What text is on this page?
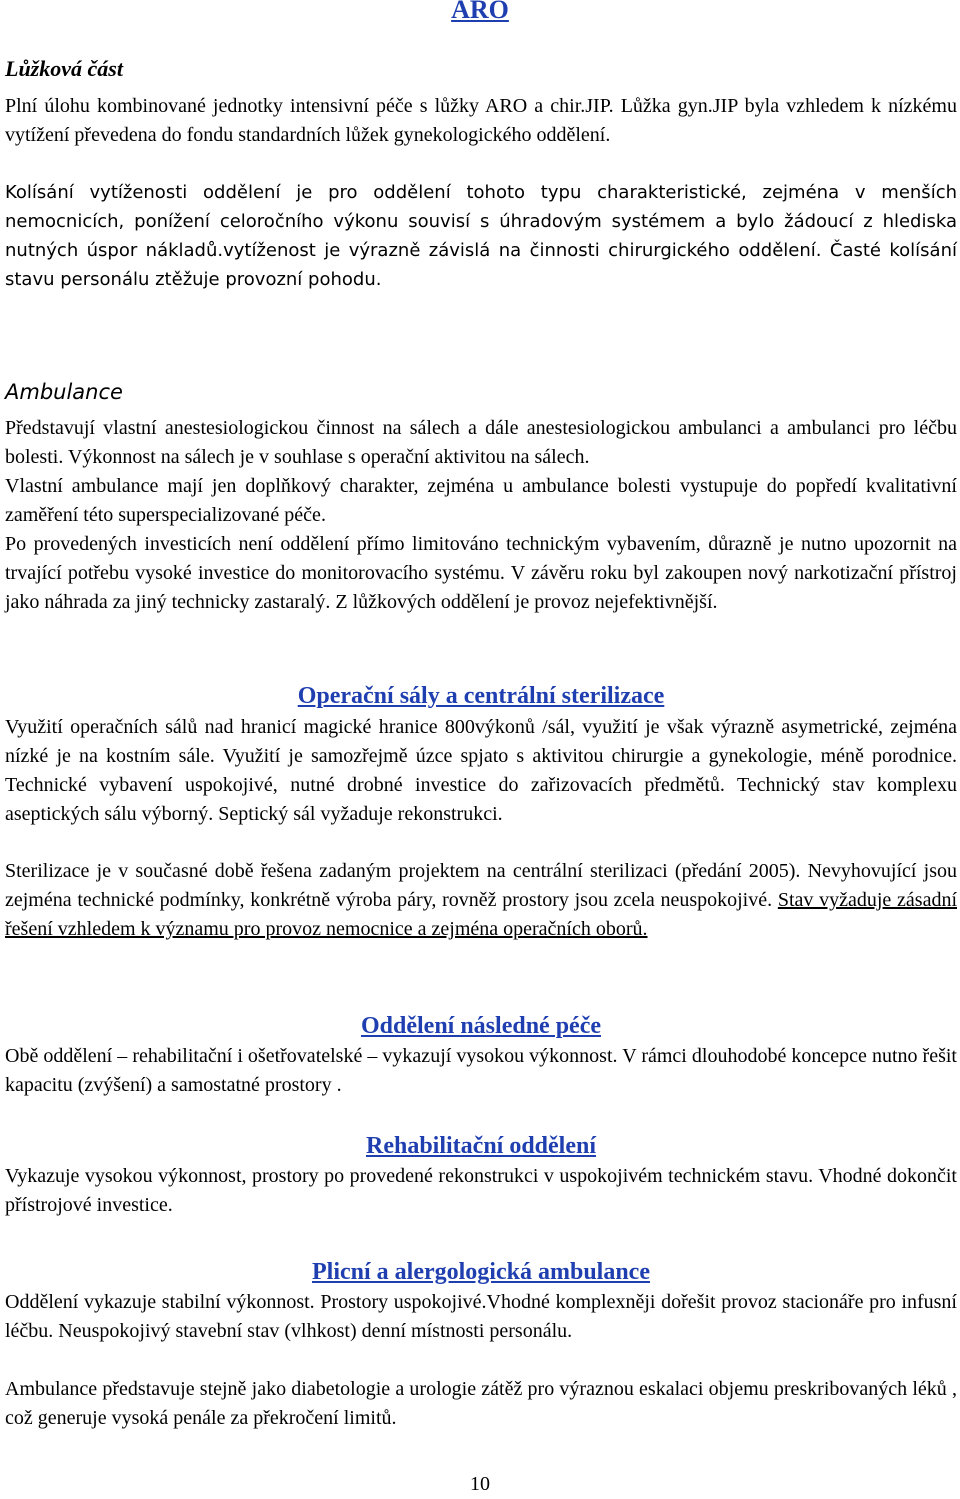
ARO
Lůžková část

Plní úlohu kombinované jednotky intensivní péče s lůžky ARO a chir.JIP. Lůžka gyn.JIP byla vzhledem k nízkému vytížení převedena do fondu standardních lůžek gynekologického oddělení.

Kolísání vytíženosti oddělení je pro oddělení tohoto typu charakteristické, zejména v menších nemocnicích, ponížení celoročního výkonu souvisí s úhradovým systémem a bylo žádoucí z hlediska nutných úspor nákladů.vytíženost je výrazně závislá na činnosti chirurgického oddělení. Časté kolísání stavu personálu ztěžuje provozní pohodu.

Ambulance

Představují vlastní anestesiologickou činnost na sálech a dále anestesiologickou ambulanci a ambulanci pro léčbu bolesti. Výkonnost na sálech je v souhlase s operační aktivitou na sálech.

Vlastní ambulance mají jen doplňkový charakter, zejména u ambulance bolesti vystupuje do popředí kvalitativní zaměření této superspecializované péče.

Po provedených investicích není oddělení přímo limitováno technickým vybavením, důrazně je nutno upozornit na trvající potřebu vysoké investice do monitorovacího systému. V závěru roku byl zakoupen nový narkotizační přístroj jako náhrada za jiný technicky zastaralý. Z lůžkových oddělení je provoz nejefektivnější.

Operační sály a centrální sterilizace

Využití operačních sálů nad hranicí magické hranice 800výkonů /sál, využití je však výrazně asymetrické, zejména nízké je na kostním sále. Využití je samozřejmě úzce spjato s aktivitou chirurgie a gynekologie, méně porodnice. Technické vybavení uspokojivé, nutné drobné investice do zařizovacích předmětů. Technický stav komplexu aseptických sálu výborný. Septický sál vyžaduje rekonstrukci.

Sterilizace je v současné době řešena zadaným projektem na centrální sterilizaci (předání 2005). Nevyhovující jsou zejména technické podmínky, konkrétně výroba páry, rovněž prostory jsou zcela neuspokojivé. Stav vyžaduje zásadní řešení vzhledem k významu pro provoz nemocnice a zejména operačních oborů.

Oddělení následné péče

Obě oddělení – rehabilitační i ošetřovatelské – vykazují vysokou výkonnost. V rámci dlouhodobé koncepce nutno řešit kapacitu (zvýšení) a samostatné prostory .

Rehabilitační oddělení

Vykazuje vysokou výkonnost, prostory po provedené rekonstrukci v uspokojivém technickém stavu. Vhodné dokončit přístrojové investice.

Plicní a alergologická ambulance

Oddělení vykazuje stabilní výkonnost. Prostory uspokojivé.Vhodné komplexněji dořešit provoz stacionáře pro infusní léčbu. Neuspokojivý stavební stav (vlhkost) denní místnosti personálu.

Ambulance představuje stejně jako diabetologie a urologie zátěž pro výraznou eskalaci objemu preskribovaných léků , což generuje vysoká penále za překročení limitů.

10
